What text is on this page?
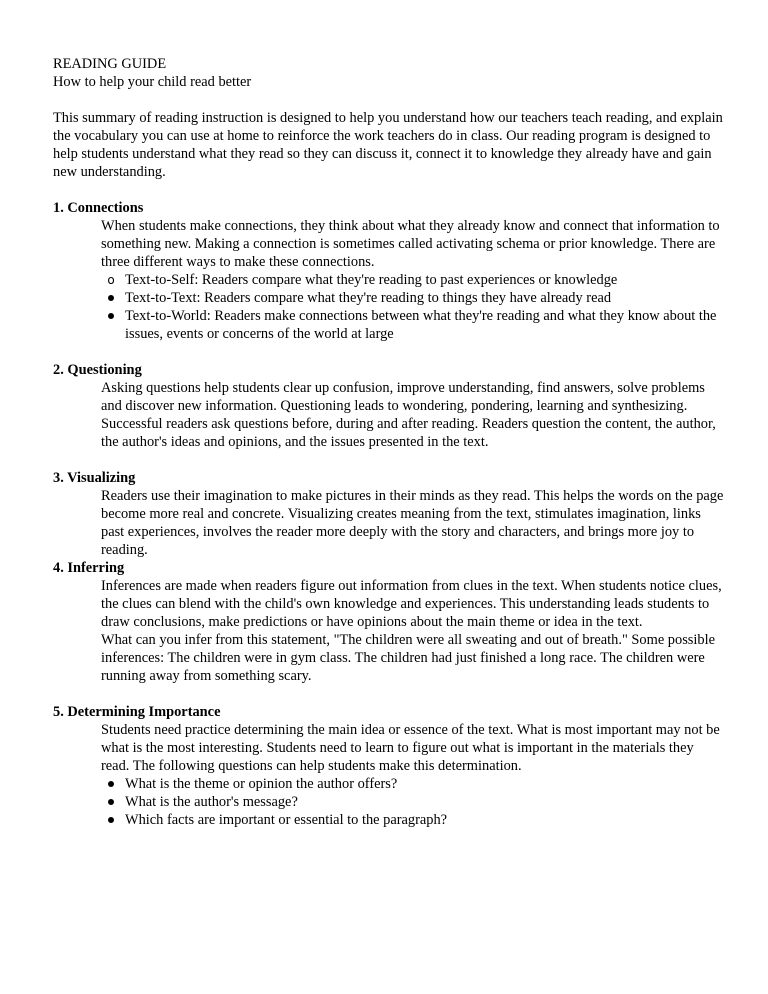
READING GUIDE
How to help your child read better

This summary of reading instruction is designed to help you understand how our teachers teach reading, and explain the vocabulary you can use at home to reinforce the work teachers do in class. Our reading program is designed to help students understand what they read so they can discuss it, connect it to knowledge they already have and gain new understanding.

1. Connections

When students make connections, they think about what they already know and connect that information to something new. Making a connection is sometimes called activating schema or prior knowledge. There are three different ways to make these connections.

o Text-to-Self: Readers compare what they're reading to past experiences or knowledge
Text-to-Text: Readers compare what they're reading to things they have already read
Text-to-World: Readers make connections between what they're reading and what they know about the issues, events or concerns of the world at large
2. Questioning

Asking questions help students clear up confusion, improve understanding, find answers, solve problems and discover new information. Questioning leads to wondering, pondering, learning and synthesizing.

Successful readers ask questions before, during and after reading. Readers question the content, the author, the author's ideas and opinions, and the issues presented in the text.

3. Visualizing

Readers use their imagination to make pictures in their minds as they read. This helps the words on the page become more real and concrete. Visualizing creates meaning from the text, stimulates imagination, links past experiences, involves the reader more deeply with the story and characters, and brings more joy to reading.

4. Inferring

Inferences are made when readers figure out information from clues in the text. When students notice clues, the clues can blend with the child's own knowledge and experiences. This understanding leads students to draw conclusions, make predictions or have opinions about the main theme or idea in the text.

What can you infer from this statement, "The children were all sweating and out of breath." Some possible inferences: The children were in gym class. The children had just finished a long race. The children were running away from something scary.

5. Determining Importance

Students need practice determining the main idea or essence of the text. What is most important may not be what is the most interesting. Students need to learn to figure out what is important in the materials they read. The following questions can help students make this determination.

What is the theme or opinion the author offers?
What is the author's message?
Which facts are important or essential to the paragraph?
